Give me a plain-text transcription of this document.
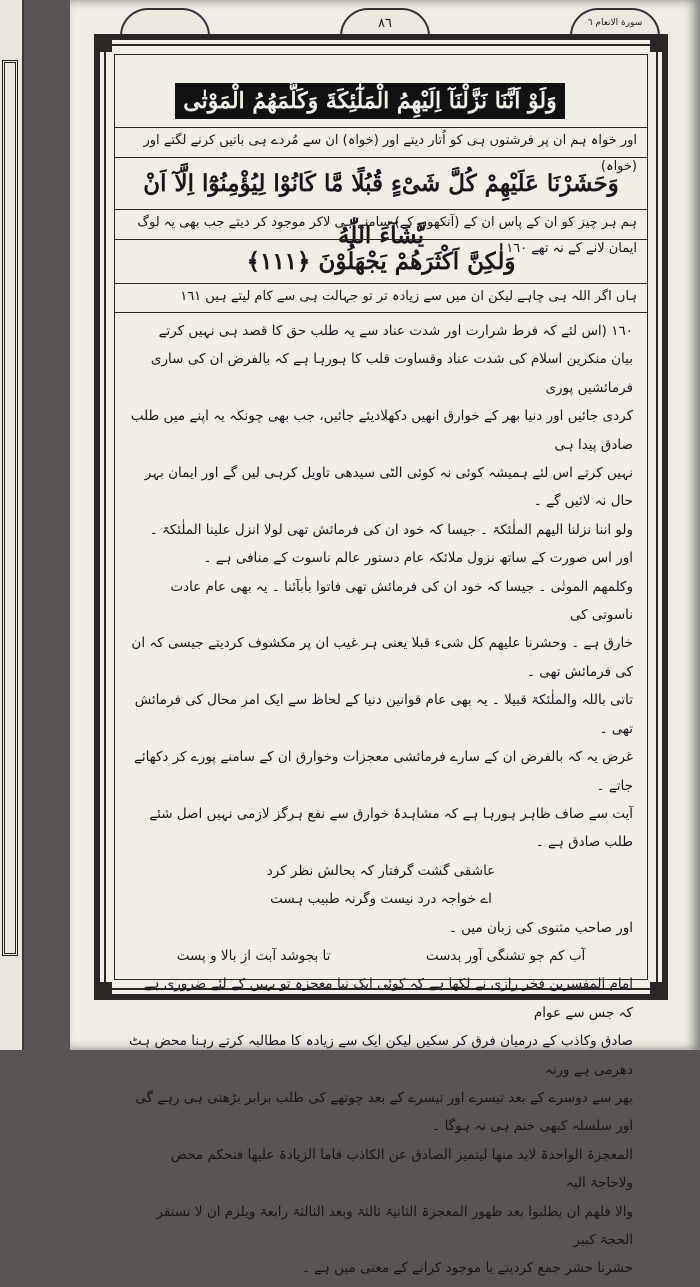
٨٦	سورة الانعام ٦
وَلَوْ اَنَّنَا نَزَّلْنَآ اِلَيْهِمُ الْمَلٰٓئِكَةَ وَكَلَّمَهُمُ الْمَوْتٰى
اور خواہ ہم ان پر فرشتوں ہی کو اُتار دیتے اور (خواہ) ان سے مُردے ہی باتیں کرنے لگتے اور (خواہ)
وَحَشَرْنَا عَلَيْهِمْ كُلَّ شَىْءٍ قُبُلًا مَّا كَانُوْا لِيُؤْمِنُوْٓا اِلَّآ اَنْ يَّشَآءَ اللّٰهُ
ہم ہر چیز کو ان کے پاس ان کے (آنکھوں کے) سامنے ہی لاکر موجود کر دیتے جب بھی یہ لوگ ایمان لانے کے نہ تھے ١٦٠
وَلٰكِنَّ اَكْثَرَهُمْ يَجْهَلُوْنَ ﴿١١١﴾
ہاں اگر اللہ ہی چاہے لیکن ان میں سے زیادہ تر تو جہالت ہی سے کام لیتے ہیں ١٦١

١٦٠ (اس لئے کہ فرط شرارت اور شدت عناد سے یہ طلب حق کا قصد ہی نہیں کرتے

بیان منکرین اسلام کی شدت عناد وقساوت قلب کا ہورہا ہے کہ بالفرض ان کی ساری فرمائشیں پوری

کردی جائیں اور دنیا بھر کے خوارق انھیں دکھلادیئے جائیں، جب بھی چونکہ یہ اپنے میں طلب صادق پیدا ہی

نہیں کرتے اس لئے ہمیشہ کوئی نہ کوئی الٹی سیدھی تاویل کرہی لیں گے اور ایمان بہر حال نہ لائیں گے ۔

ولو اننا نزلنا الیھم الملٰئکۃ ۔ جیسا کہ خود ان کی فرمائش تھی لولا انزل علینا الملٰئکۃ ۔

اور اس صورت کے ساتھ نزول ملائکہ عام دستور عالم ناسوت کے منافی ہے ۔

وکلمھم الموتٰی ۔ جیسا کہ خود ان کی فرمائش تھی فاتوا باٰبآئنا ۔ یہ بھی عام عادت ناسوتی کی

خارق ہے ۔ وحشرنا علیھم کل شیء قبلا یعنی ہر غیب ان پر مکشوف کردیتے جیسی کہ ان کی فرمائش تھی ۔

تاتی باللہ والملٰئکۃ قبیلا ۔ یہ بھی عام قوانین دنیا کے لحاظ سے ایک امر محال کی فرمائش تھی ۔

غرض یہ کہ بالفرض ان کے سارے فرمائشی معجزات وخوارق ان کے سامنے پورے کر دکھائے جاتے ۔

آیت سے صاف ظاہر ہورہا ہے کہ مشاہدۂ خوارق سے نفع ہرگز لازمی نہیں اصل شئے طلب صادق ہے ۔

عاشقی گشت گرفتار کہ بحالش نظر کرد

اے خواجہ درد نیست وگرنہ طبیب ہست

اور صاحب مثنوی کی زبان میں ۔

آب کم جو تشنگی آور بدست
تا بجوشد آبت از بالا و پست

امام المفسرین فخر رازی نے لکھا ہے کہ کوئی ایک نیا معجزہ تو یہیں کے لئے ضروری ہے کہ جس سے عوام

صادق وکاذب کے درمیان فرق کر سکیں لیکن ایک سے زیادہ کا مطالبہ کرتے رہنا محض ہٹ دھرمی ہے ورنہ

پھر سے دوسرے کے بعد تیسرے اور تیسرے کے بعد چوتھے کی طلب برابر بڑھتی ہی رہے گی اور سلسلہ کبھی ختم ہی نہ ہوگا ۔

المعجزۃ الواحدۃ لابد منھا لیتمیز الصادق عن الکاذب فاما الزیادۃ علیھا فتحکم محض ولاحاجۃ الیہ

والا فلھم ان یطلبوا بعد ظھور المعجزۃ الثانیۃ ثالثۃ وبعد الثالثۃ رابعۃ ویلزم ان لا تستقر الحجۃ کبیر

حشرنا حشر جمع کردینے یا موجود کرانے کے معنی میں ہے ۔
